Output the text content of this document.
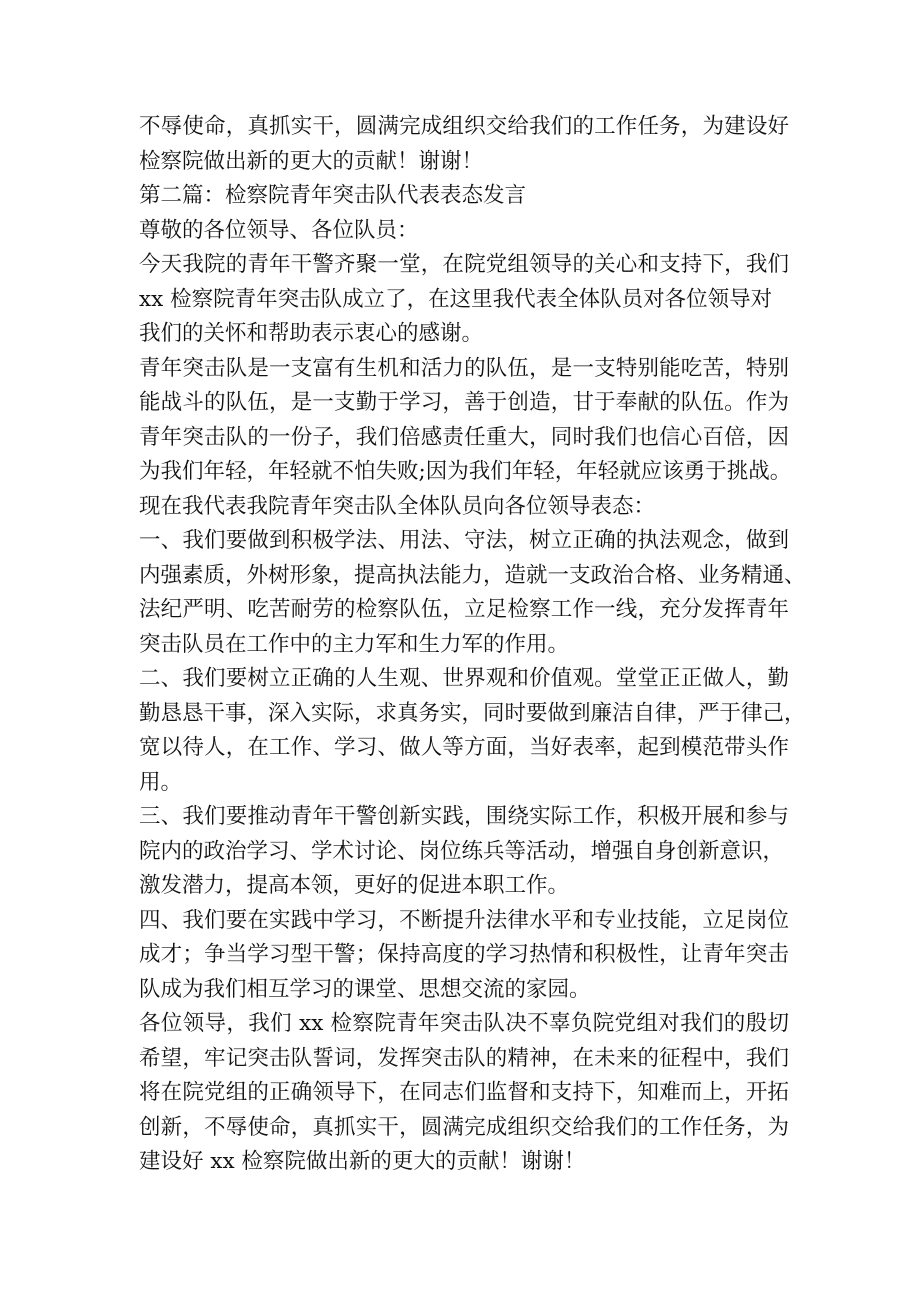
不辱使命，真抓实干，圆满完成组织交给我们的工作任务，为建设好
检察院做出新的更大的贡献！谢谢！
第二篇：检察院青年突击队代表表态发言
尊敬的各位领导、各位队员：
今天我院的青年干警齐聚一堂，在院党组领导的关心和支持下，我们
xx 检察院青年突击队成立了，在这里我代表全体队员对各位领导对
我们的关怀和帮助表示衷心的感谢。
青年突击队是一支富有生机和活力的队伍，是一支特别能吃苦，特别
能战斗的队伍，是一支勤于学习，善于创造，甘于奉献的队伍。作为
青年突击队的一份子，我们倍感责任重大，同时我们也信心百倍，因
为我们年轻，年轻就不怕失败;因为我们年轻，年轻就应该勇于挑战。
现在我代表我院青年突击队全体队员向各位领导表态：
一、我们要做到积极学法、用法、守法，树立正确的执法观念，做到
内强素质，外树形象，提高执法能力，造就一支政治合格、业务精通、
法纪严明、吃苦耐劳的检察队伍，立足检察工作一线，充分发挥青年
突击队员在工作中的主力军和生力军的作用。
二、我们要树立正确的人生观、世界观和价值观。堂堂正正做人，勤
勤恳恳干事，深入实际，求真务实，同时要做到廉洁自律，严于律己，
宽以待人，在工作、学习、做人等方面，当好表率，起到模范带头作
用。
三、我们要推动青年干警创新实践，围绕实际工作，积极开展和参与
院内的政治学习、学术讨论、岗位练兵等活动，增强自身创新意识，
激发潜力，提高本领，更好的促进本职工作。
四、我们要在实践中学习，不断提升法律水平和专业技能，立足岗位
成才；争当学习型干警；保持高度的学习热情和积极性，让青年突击
队成为我们相互学习的课堂、思想交流的家园。
各位领导，我们 xx 检察院青年突击队决不辜负院党组对我们的殷切
希望，牢记突击队誓词，发挥突击队的精神，在未来的征程中，我们
将在院党组的正确领导下，在同志们监督和支持下，知难而上，开拓
创新，不辱使命，真抓实干，圆满完成组织交给我们的工作任务，为
建设好 xx 检察院做出新的更大的贡献！谢谢！
